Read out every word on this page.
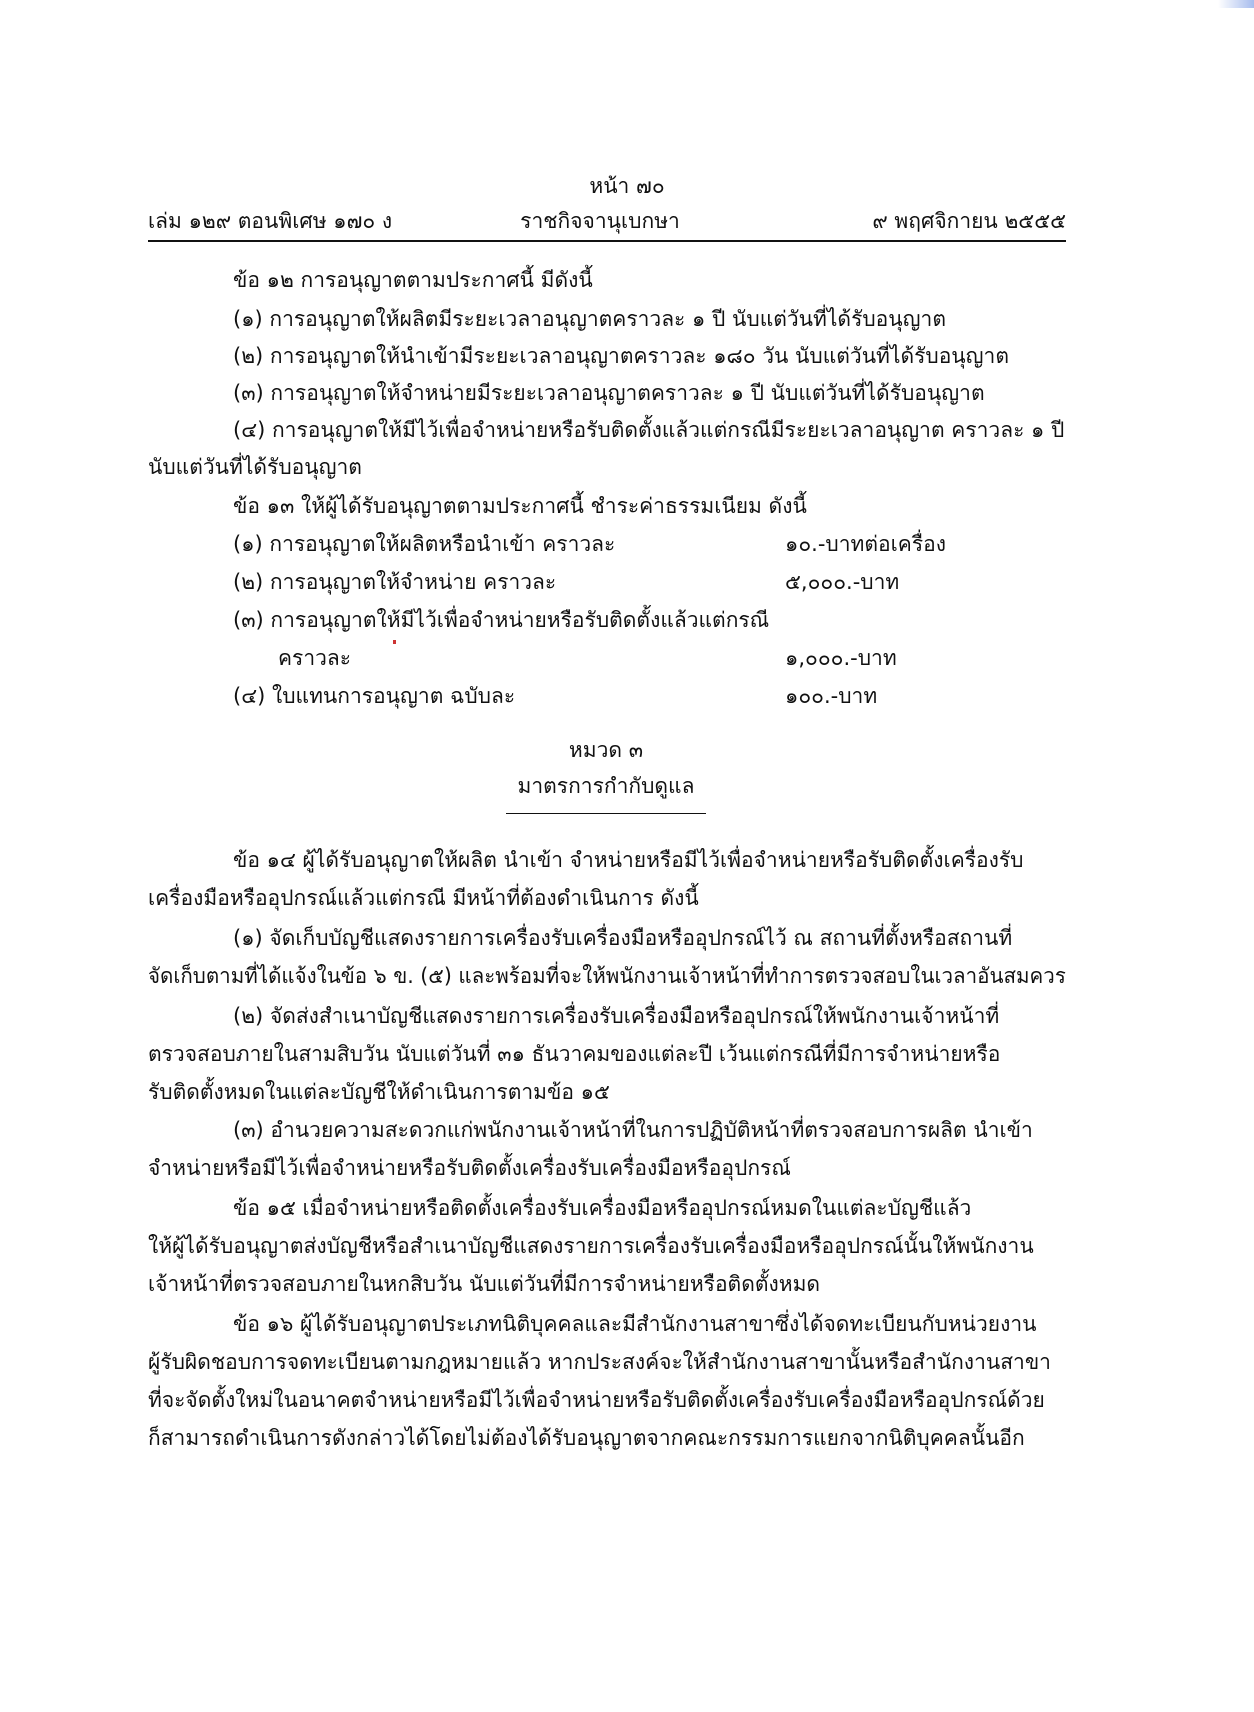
หน้า ๗๐
เล่ม ๑๒๙ ตอนพิเศษ ๑๗๐ ง	ราชกิจจานุเบกษา	๙ พฤศจิกายน ๒๕๕๕
ข้อ ๑๒ การอนุญาตตามประกาศนี้ มีดังนี้
(๑) การอนุญาตให้ผลิตมีระยะเวลาอนุญาตคราวละ ๑ ปี นับแต่วันที่ได้รับอนุญาต
(๒) การอนุญาตให้นำเข้ามีระยะเวลาอนุญาตคราวละ ๑๘๐ วัน นับแต่วันที่ได้รับอนุญาต
(๓) การอนุญาตให้จำหน่ายมีระยะเวลาอนุญาตคราวละ ๑ ปี นับแต่วันที่ได้รับอนุญาต
(๔) การอนุญาตให้มีไว้เพื่อจำหน่ายหรือรับติดตั้งแล้วแต่กรณีมีระยะเวลาอนุญาต คราวละ ๑ ปี
นับแต่วันที่ได้รับอนุญาต
ข้อ ๑๓ ให้ผู้ได้รับอนุญาตตามประกาศนี้ ชำระค่าธรรมเนียม ดังนี้
(๑) การอนุญาตให้ผลิตหรือนำเข้า คราวละ	๑๐.-บาทต่อเครื่อง
(๒) การอนุญาตให้จำหน่าย คราวละ	๕,๐๐๐.-บาท
(๓) การอนุญาตให้มีไว้เพื่อจำหน่ายหรือรับติดตั้งแล้วแต่กรณี
คราวละ	๑,๐๐๐.-บาท
(๔) ใบแทนการอนุญาต ฉบับละ	๑๐๐.-บาท
หมวด ๓
มาตรการกำกับดูแล
ข้อ ๑๔ ผู้ได้รับอนุญาตให้ผลิต นำเข้า จำหน่ายหรือมีไว้เพื่อจำหน่ายหรือรับติดตั้งเครื่องรับ
เครื่องมือหรืออุปกรณ์แล้วแต่กรณี มีหน้าที่ต้องดำเนินการ ดังนี้
(๑) จัดเก็บบัญชีแสดงรายการเครื่องรับเครื่องมือหรืออุปกรณ์ไว้ ณ สถานที่ตั้งหรือสถานที่
จัดเก็บตามที่ได้แจ้งในข้อ ๖ ข. (๕) และพร้อมที่จะให้พนักงานเจ้าหน้าที่ทำการตรวจสอบในเวลาอันสมควร
(๒) จัดส่งสำเนาบัญชีแสดงรายการเครื่องรับเครื่องมือหรืออุปกรณ์ให้พนักงานเจ้าหน้าที่
ตรวจสอบภายในสามสิบวัน นับแต่วันที่ ๓๑ ธันวาคมของแต่ละปี เว้นแต่กรณีที่มีการจำหน่ายหรือ
รับติดตั้งหมดในแต่ละบัญชีให้ดำเนินการตามข้อ ๑๕
(๓) อำนวยความสะดวกแก่พนักงานเจ้าหน้าที่ในการปฏิบัติหน้าที่ตรวจสอบการผลิต นำเข้า
จำหน่ายหรือมีไว้เพื่อจำหน่ายหรือรับติดตั้งเครื่องรับเครื่องมือหรืออุปกรณ์
ข้อ ๑๕ เมื่อจำหน่ายหรือติดตั้งเครื่องรับเครื่องมือหรืออุปกรณ์หมดในแต่ละบัญชีแล้ว
ให้ผู้ได้รับอนุญาตส่งบัญชีหรือสำเนาบัญชีแสดงรายการเครื่องรับเครื่องมือหรืออุปกรณ์นั้นให้พนักงาน
เจ้าหน้าที่ตรวจสอบภายในหกสิบวัน นับแต่วันที่มีการจำหน่ายหรือติดตั้งหมด
ข้อ ๑๖ ผู้ได้รับอนุญาตประเภทนิติบุคคลและมีสำนักงานสาขาซึ่งได้จดทะเบียนกับหน่วยงาน
ผู้รับผิดชอบการจดทะเบียนตามกฎหมายแล้ว หากประสงค์จะให้สำนักงานสาขานั้นหรือสำนักงานสาขา
ที่จะจัดตั้งใหม่ในอนาคตจำหน่ายหรือมีไว้เพื่อจำหน่ายหรือรับติดตั้งเครื่องรับเครื่องมือหรืออุปกรณ์ด้วย
ก็สามารถดำเนินการดังกล่าวได้โดยไม่ต้องได้รับอนุญาตจากคณะกรรมการแยกจากนิติบุคคลนั้นอีก
